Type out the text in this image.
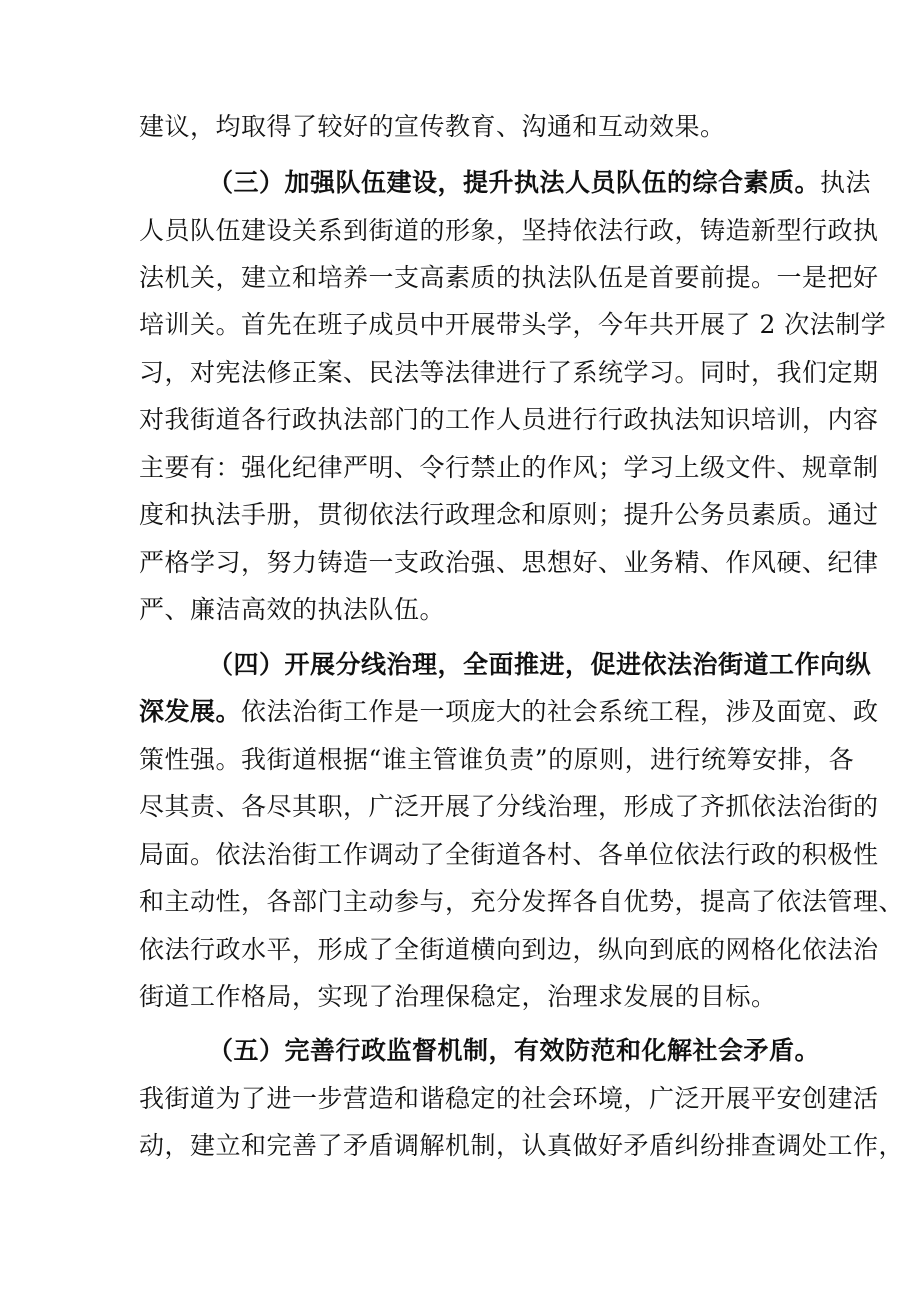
建议，均取得了较好的宣传教育、沟通和互动效果。
（三）加强队伍建设，提升执法人员队伍的综合素质。执法
人员队伍建设关系到街道的形象，坚持依法行政，铸造新型行政执
法机关，建立和培养一支高素质的执法队伍是首要前提。一是把好
培训关。首先在班子成员中开展带头学，今年共开展了 2 次法制学
习，对宪法修正案、民法等法律进行了系统学习。同时，我们定期
对我街道各行政执法部门的工作人员进行行政执法知识培训，内容
主要有：强化纪律严明、令行禁止的作风；学习上级文件、规章制
度和执法手册，贯彻依法行政理念和原则；提升公务员素质。通过
严格学习，努力铸造一支政治强、思想好、业务精、作风硬、纪律
严、廉洁高效的执法队伍。
（四）开展分线治理，全面推进，促进依法治街道工作向纵
深发展。依法治街工作是一项庞大的社会系统工程，涉及面宽、政
策性强。我街道根据“谁主管谁负责”的原则，进行统筹安排，各
尽其责、各尽其职，广泛开展了分线治理，形成了齐抓依法治街的
局面。依法治街工作调动了全街道各村、各单位依法行政的积极性
和主动性，各部门主动参与，充分发挥各自优势，提高了依法管理、
依法行政水平，形成了全街道横向到边，纵向到底的网格化依法治
街道工作格局，实现了治理保稳定，治理求发展的目标。
（五）完善行政监督机制，有效防范和化解社会矛盾。
我街道为了进一步营造和谐稳定的社会环境，广泛开展平安创建活
动，建立和完善了矛盾调解机制，认真做好矛盾纠纷排查调处工作，
